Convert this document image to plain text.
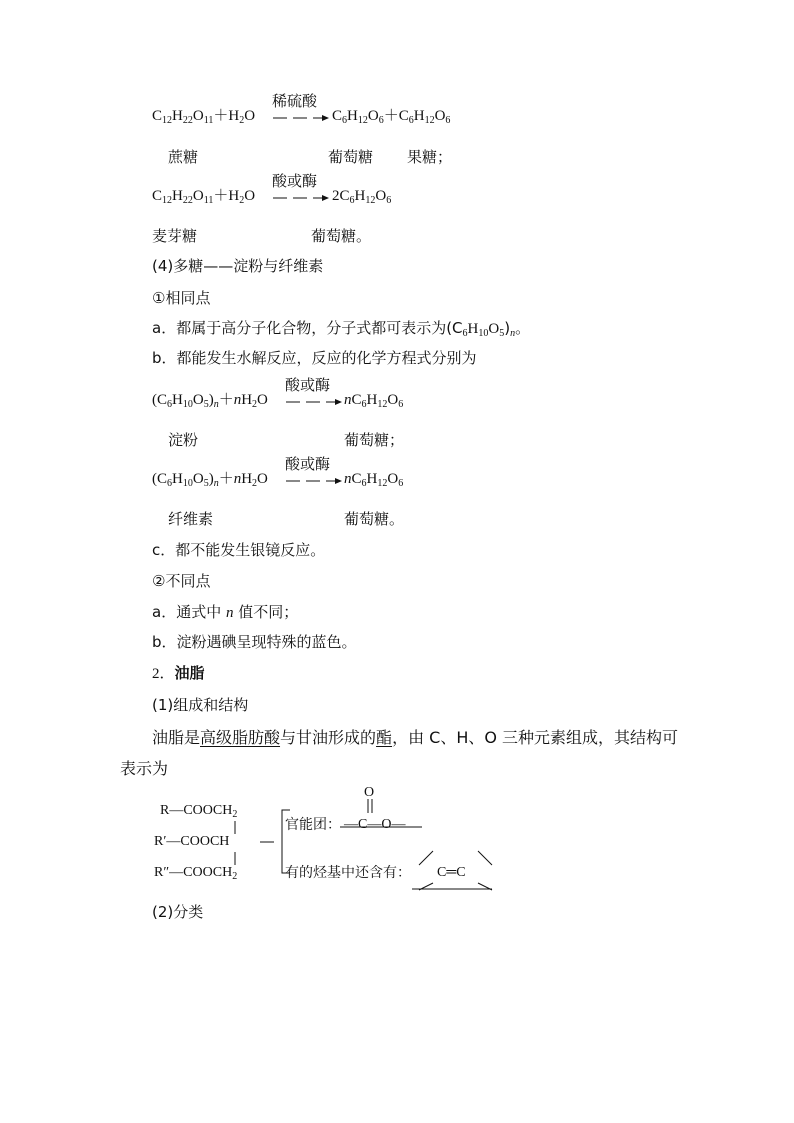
$C_{12}H_{22}O_{11}+H_2O$
稀硫酸
$C_6H_{12}O_6+C_6H_{12}O_6$
蔗糖	葡萄糖 果糖；
$C_{12}H_{22}O_{11}+H_2O$
酸或酶
$2C_6H_{12}O_6$
麦芽糖	葡萄糖。
(4)多糖——淀粉与纤维素
①相同点
a．都属于高分子化合物，分子式都可表示为$(C_6H_{10}O_5)_n$。
b．都能发生水解反应，反应的化学方程式分别为
$(C_6H_{10}O_5)_n+nH_2O$
酸或酶
$nC_6H_{12}O_6$
淀粉	葡萄糖；
$(C_6H_{10}O_5)_n+nH_2O$
酸或酶
$nC_6H_{12}O_6$
纤维素	葡萄糖。
c．都不能发生银镜反应。
②不同点
a．通式中 n 值不同；
b．淀粉遇碘呈现特殊的蓝色。
2．油脂
(1)组成和结构
油脂是高级脂肪酸与甘油形成的酯，由 C、H、O 三种元素组成，其结构可
表示为
$R—COOCH_2$
R′—COOCH
$R''—COOCH_2$
官能团：
O
—C—O—
有的烃基中还含有： C═C
(2)分类
